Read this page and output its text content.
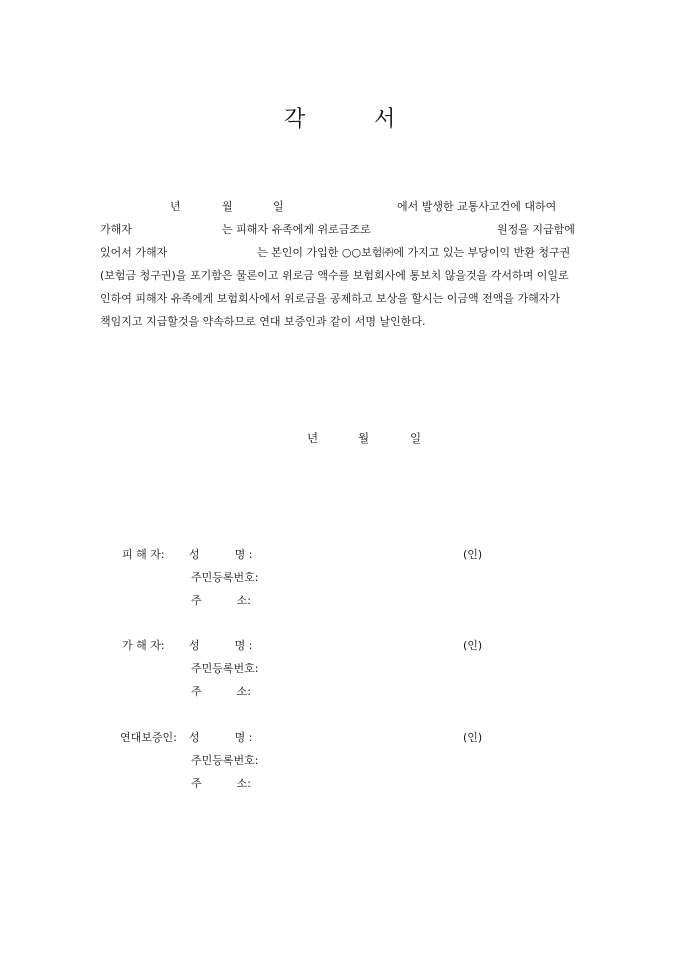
각	서
년	월	일	에서 발생한 교통사고건에 대하여
가해자	는 피해자 유족에게 위로금조로	원정을 지급함에
있어서 가해자	는 본인이 가입한 ○○보험㈜에 가지고 있는 부당이익 반환 청구권
(보험금 청구권)을 포기함은 물론이고 위로금 액수를 보험회사에 통보치 않을것을 각서하며 이일로
인하여 피해자 유족에게 보험회사에서 위로금을 공제하고 보상을 할시는 이금액 전액을 가해자가
책임지고 지급할것을 약속하므로 연대 보증인과 같이 서명 날인한다.
년	월	일
피 해 자: 성          명 :	(인)
주민등록번호:
주          소:
가 해 자: 성          명 :	(인)
주민등록번호:
주          소:
연대보증인: 성          명 :	(인)
주민등록번호:
주          소:
